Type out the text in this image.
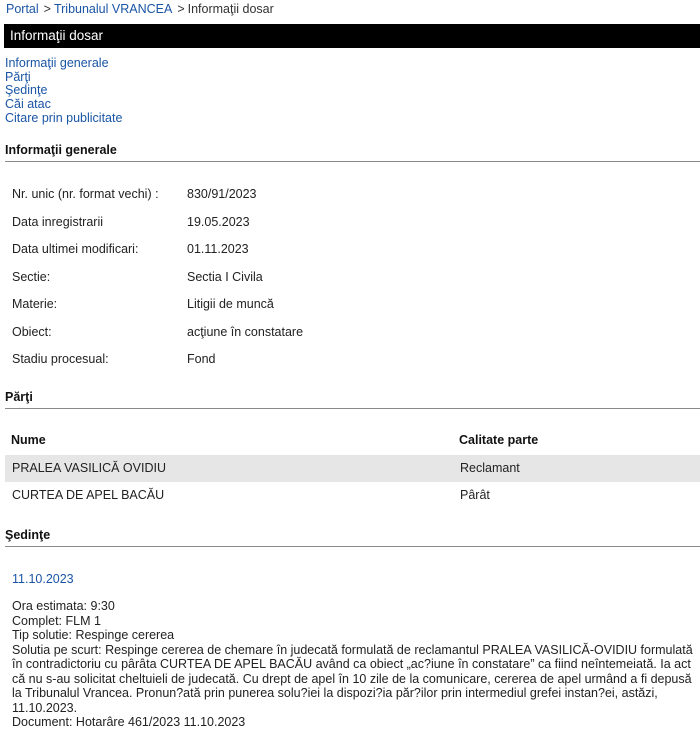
Portal > Tribunalul VRANCEA > Informaţii dosar
Informaţii dosar
Informaţii generale
Părţi
Şedinţe
Căi atac
Citare prin publicitate
Informaţii generale
Nr. unic (nr. format vechi) : 830/91/2023
Data inregistrarii	19.05.2023
Data ultimei modificari:	01.11.2023
Sectie:	Sectia I Civila
Materie:	Litigii de muncă
Obiect:	acţiune în constatare
Stadiu procesual:	Fond
Părţi
Nume	Calitate parte
PRALEA VASILICĂ OVIDIU	Reclamant
CURTEA DE APEL BACĂU	Pârât
Şedinţe
11.10.2023
Ora estimata: 9:30
Complet: FLM 1
Tip solutie: Respinge cererea
Solutia pe scurt: Respinge cererea de chemare în judecată formulată de reclamantul PRALEA VASILICĂ-OVIDIU formulată în contradictoriu cu pârâta CURTEA DE APEL BACĂU având ca obiect „ac?iune în constatare” ca fiind neîntemeiată. Ia act că nu s-au solicitat cheltuieli de judecată. Cu drept de apel în 10 zile de la comunicare, cererea de apel urmând a fi depusă la Tribunalul Vrancea. Pronun?ată prin punerea solu?iei la dispozi?ia păr?ilor prin intermediul grefei instan?ei, astăzi, 11.10.2023.
Document: Hotarâre 461/2023 11.10.2023
